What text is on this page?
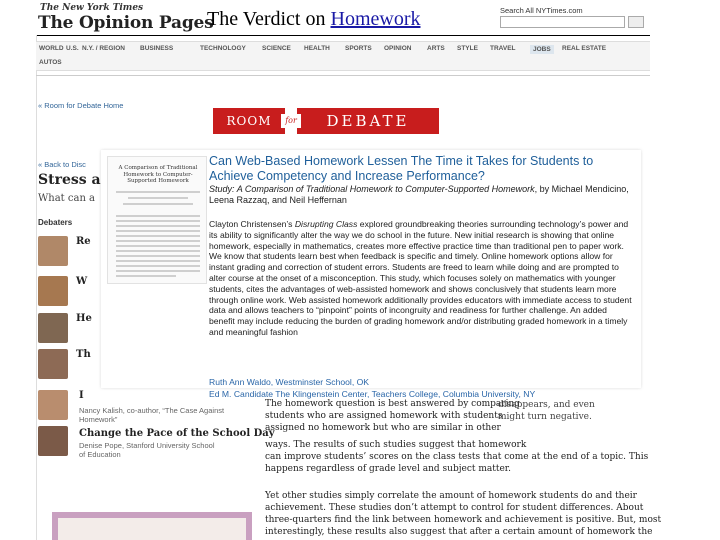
The New York Times
The Opinion Pages
Search All NYTimes.com
The Verdict on Homework
WORLD U.S. N.Y. / REGION BUSINESS	TECHNOLOGY SCIENCE HEALTH SPORTS OPINION ARTS STYLE TRAVEL	JOBS	REAL ESTATE
AUTOS
« Room for Debate Home
ROOM	DEBATE
for
« Back to Disc
Stress a
What can a
Debaters
Re
W
He
Th
I
Nancy Kalish, co-author, “The Case Against Homework”
Change the Pace of the School Day
Denise Pope, Stanford University School of Education
The homework question is best answered by comparing
students who are assigned homework with students
assigned no homework but who are similar in other
ways. The results of such studies suggest that homework
can improve students’ scores on the class tests that come at the end of a topic. This
happens regardless of grade level and subject matter.
Yet other studies simply correlate the amount of homework students do and their
achievement. These studies don’t attempt to control for student differences. About
three-quarters find the link between homework and achievement is positive. But, most
interestingly, these results also suggest that after a certain amount of homework the
disappears, and even
might turn negative.
A Comparison of Traditional Homework to Computer-Supported Homework
Can Web-Based Homework Lessen The Time it Takes for Students to Achieve Competency and Increase Performance?
Study: A Comparison of Traditional Homework to Computer-Supported Homework, by Michael Mendicino, Leena Razzaq, and Neil Heffernan
Clayton Christensen’s Disrupting Class explored groundbreaking theories surrounding technology’s power and its ability to significantly alter the way we do school in the future. New initial research is showing that online homework, especially in mathematics, creates more effective practice time than traditional pen to paper work. We know that students learn best when feedback is specific and timely. Online homework options allow for instant grading and correction of student errors. Students are freed to learn while doing and are prompted to alter course at the onset of a misconception. This study, which focuses solely on mathematics with younger students, cites the advantages of web-assisted homework and shows conclusively that students learn more through online work. Web assisted homework additionally provides educators with immediate access to student data and allows teachers to “pinpoint” points of incongruity and readiness for further challenge. An added benefit may include reducing the burden of grading homework and/or distributing graded homework in a timely and meaningful fashion
Ruth Ann Waldo, Westminster School, OK
Ed M. Candidate The Klingenstein Center, Teachers College, Columbia University, NY
